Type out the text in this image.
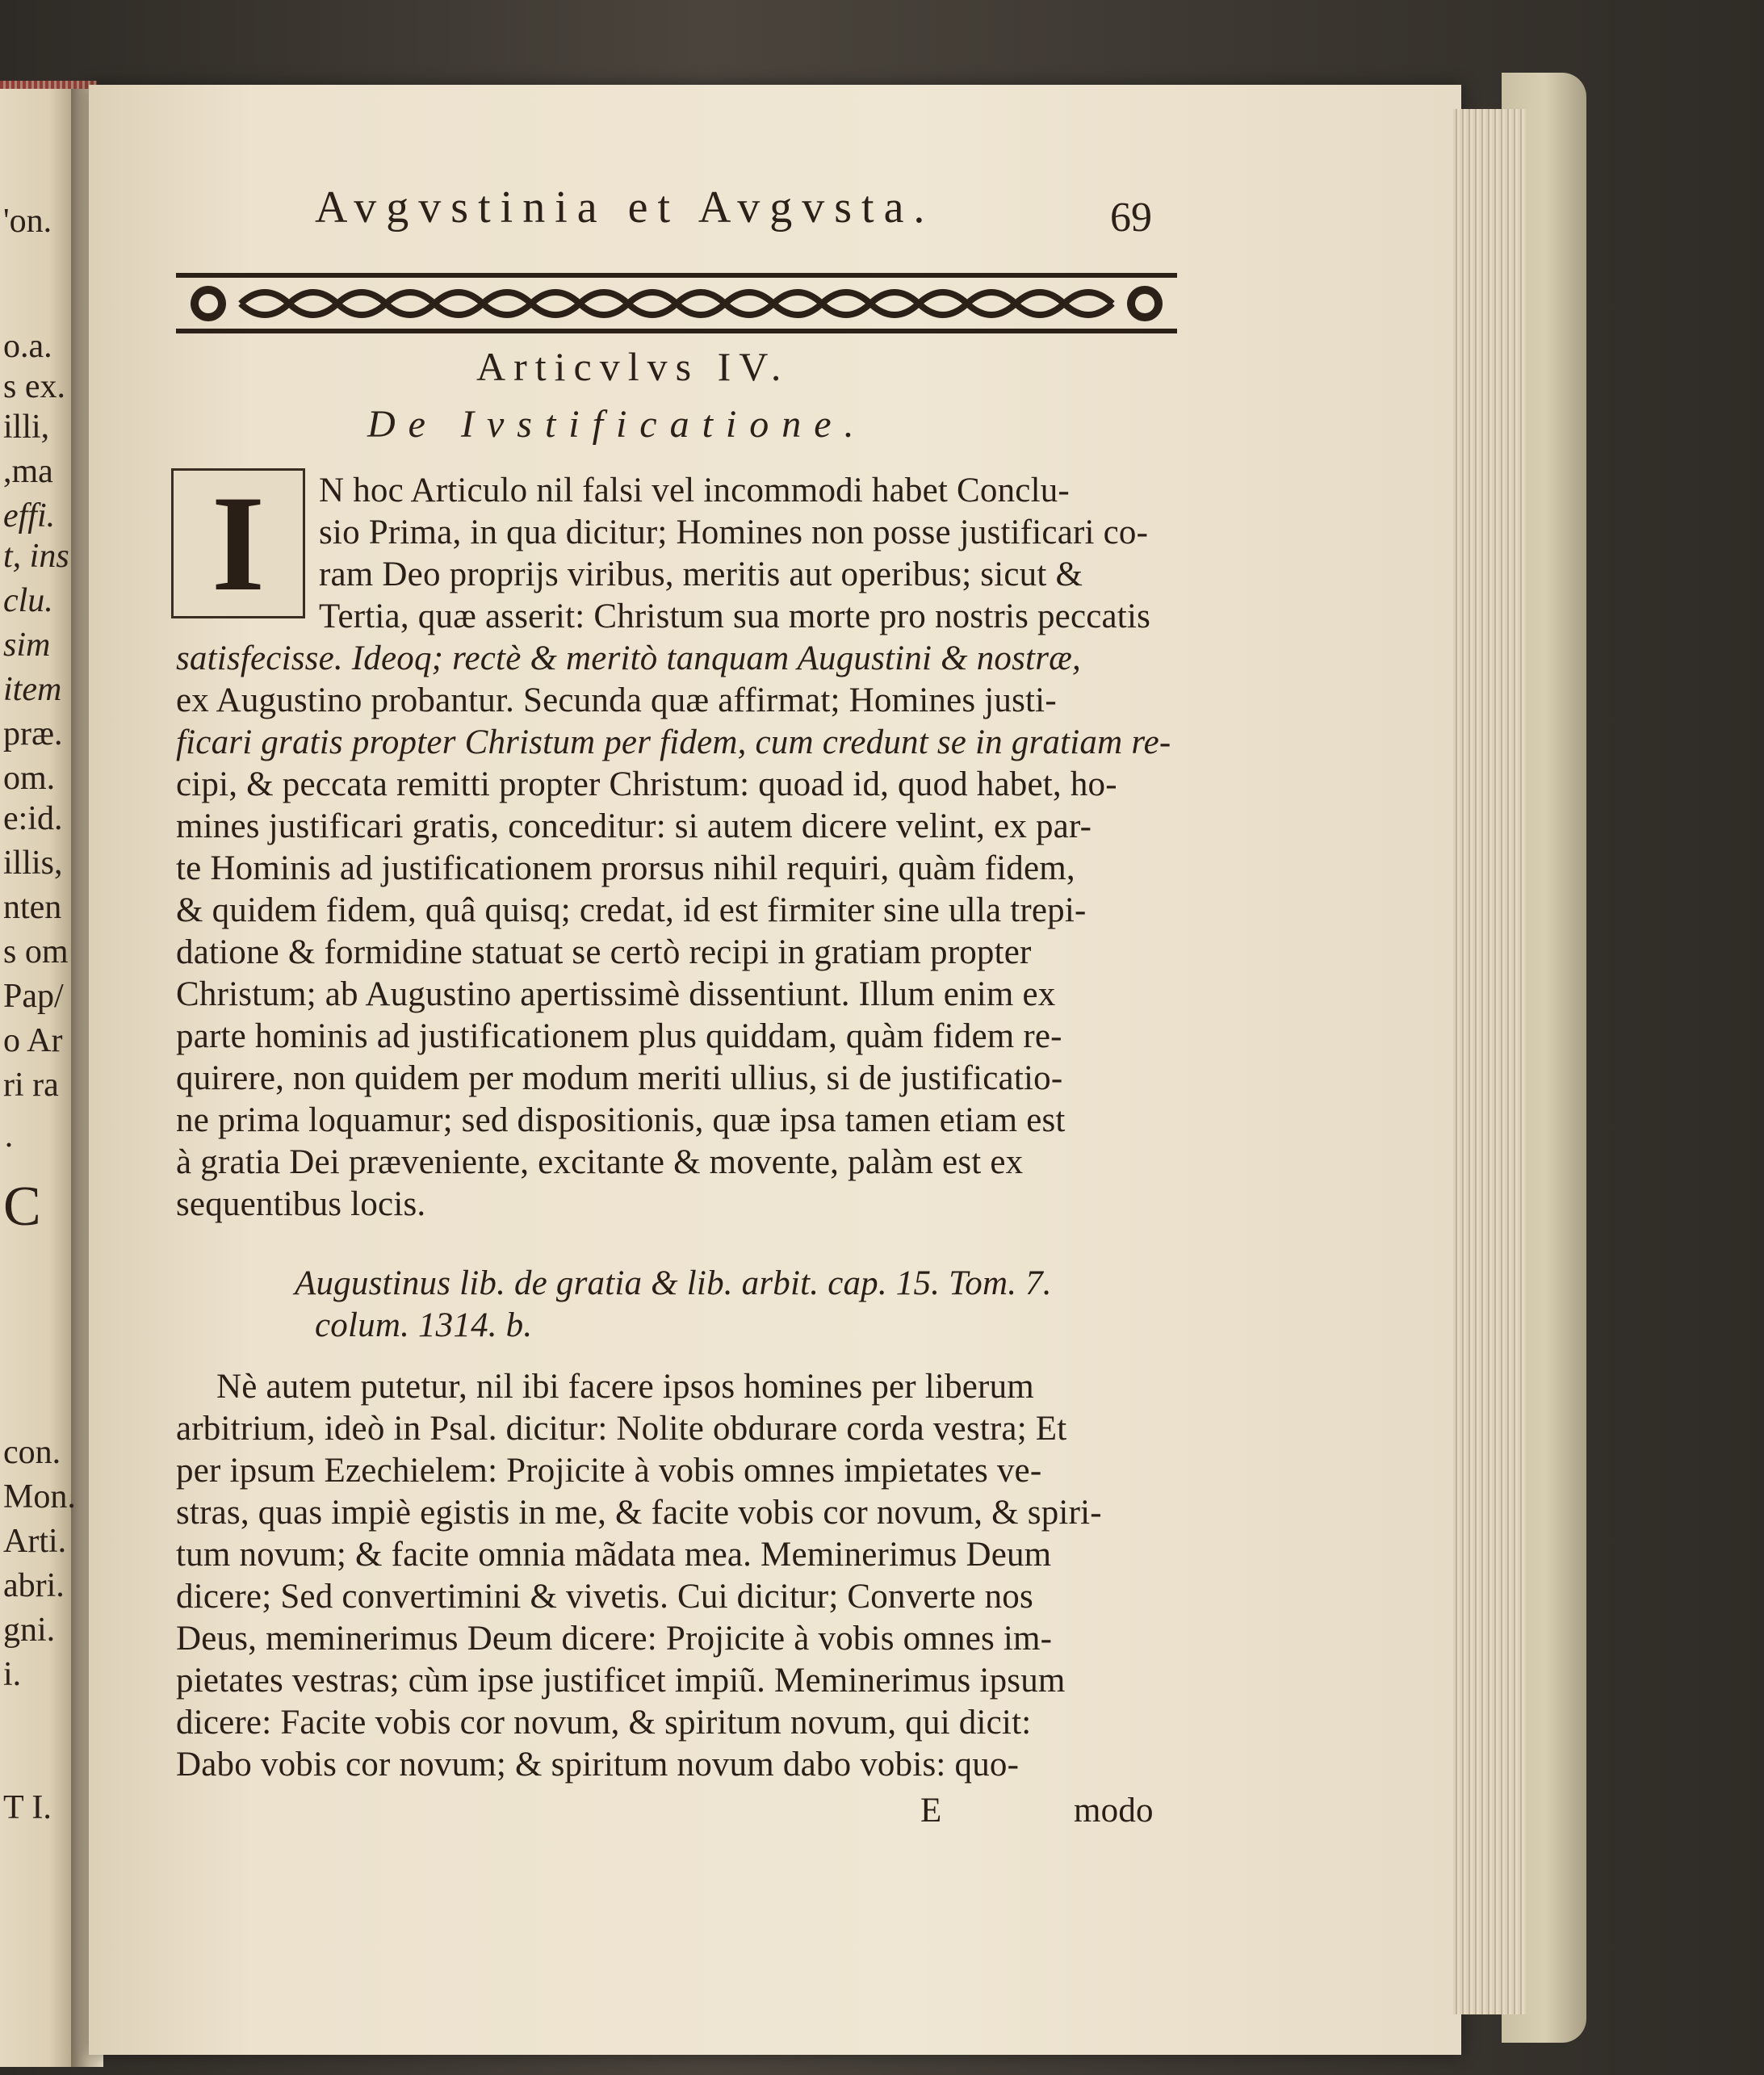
'on.
o.a.
s ex.
illi,
,ma
effi.
t, ins
clu.
sim
item
præ.
om.
e:id.
illis,
nten
s om
Pap/
o Ar
ri ra
·
C
con.
Mon.
Arti.
abri.
gni.
i.
T I.
Avgvstinia et Avgvsta.	69
Articvlvs IV.
De Ivstificatione.
I	N hoc Articulo nil falsi vel incommodi habet Conclu-
sio Prima, in qua dicitur; Homines non posse justificari co-
ram Deo proprijs viribus, meritis aut operibus; sicut &
Tertia, quæ asserit: Christum sua morte pro nostris peccatis
satisfecisse. Ideoq; rectè & meritò tanquam Augustini & nostræ,
ex Augustino probantur. Secunda quæ affirmat; Homines justi-
ficari gratis propter Christum per fidem, cum credunt se in gratiam re-
cipi, & peccata remitti propter Christum: quoad id, quod habet, ho-
mines justificari gratis, conceditur: si autem dicere velint, ex par-
te Hominis ad justificationem prorsus nihil requiri, quàm fidem,
& quidem fidem, quâ quisq; credat, id est firmiter sine ulla trepi-
datione & formidine statuat se certò recipi in gratiam propter
Christum; ab Augustino apertissimè dissentiunt. Illum enim ex
parte hominis ad justificationem plus quiddam, quàm fidem re-
quirere, non quidem per modum meriti ullius, si de justificatio-
ne prima loquamur; sed dispositionis, quæ ipsa tamen etiam est
à gratia Dei præveniente, excitante & movente, palàm est ex
sequentibus locis.
Augustinus lib. de gratia & lib. arbit. cap. 15. Tom. 7.
colum. 1314. b.
Nè autem putetur, nil ibi facere ipsos homines per liberum
arbitrium, ideò in Psal. dicitur: Nolite obdurare corda vestra; Et
per ipsum Ezechielem: Projicite à vobis omnes impietates ve-
stras, quas impiè egistis in me, & facite vobis cor novum, & spiri-
tum novum; & facite omnia mãdata mea. Meminerimus Deum
dicere; Sed convertimini & vivetis. Cui dicitur; Converte nos
Deus, meminerimus Deum dicere: Projicite à vobis omnes im-
pietates vestras; cùm ipse justificet impiũ. Meminerimus ipsum
dicere: Facite vobis cor novum, & spiritum novum, qui dicit:
Dabo vobis cor novum; & spiritum novum dabo vobis: quo-
E	modo
